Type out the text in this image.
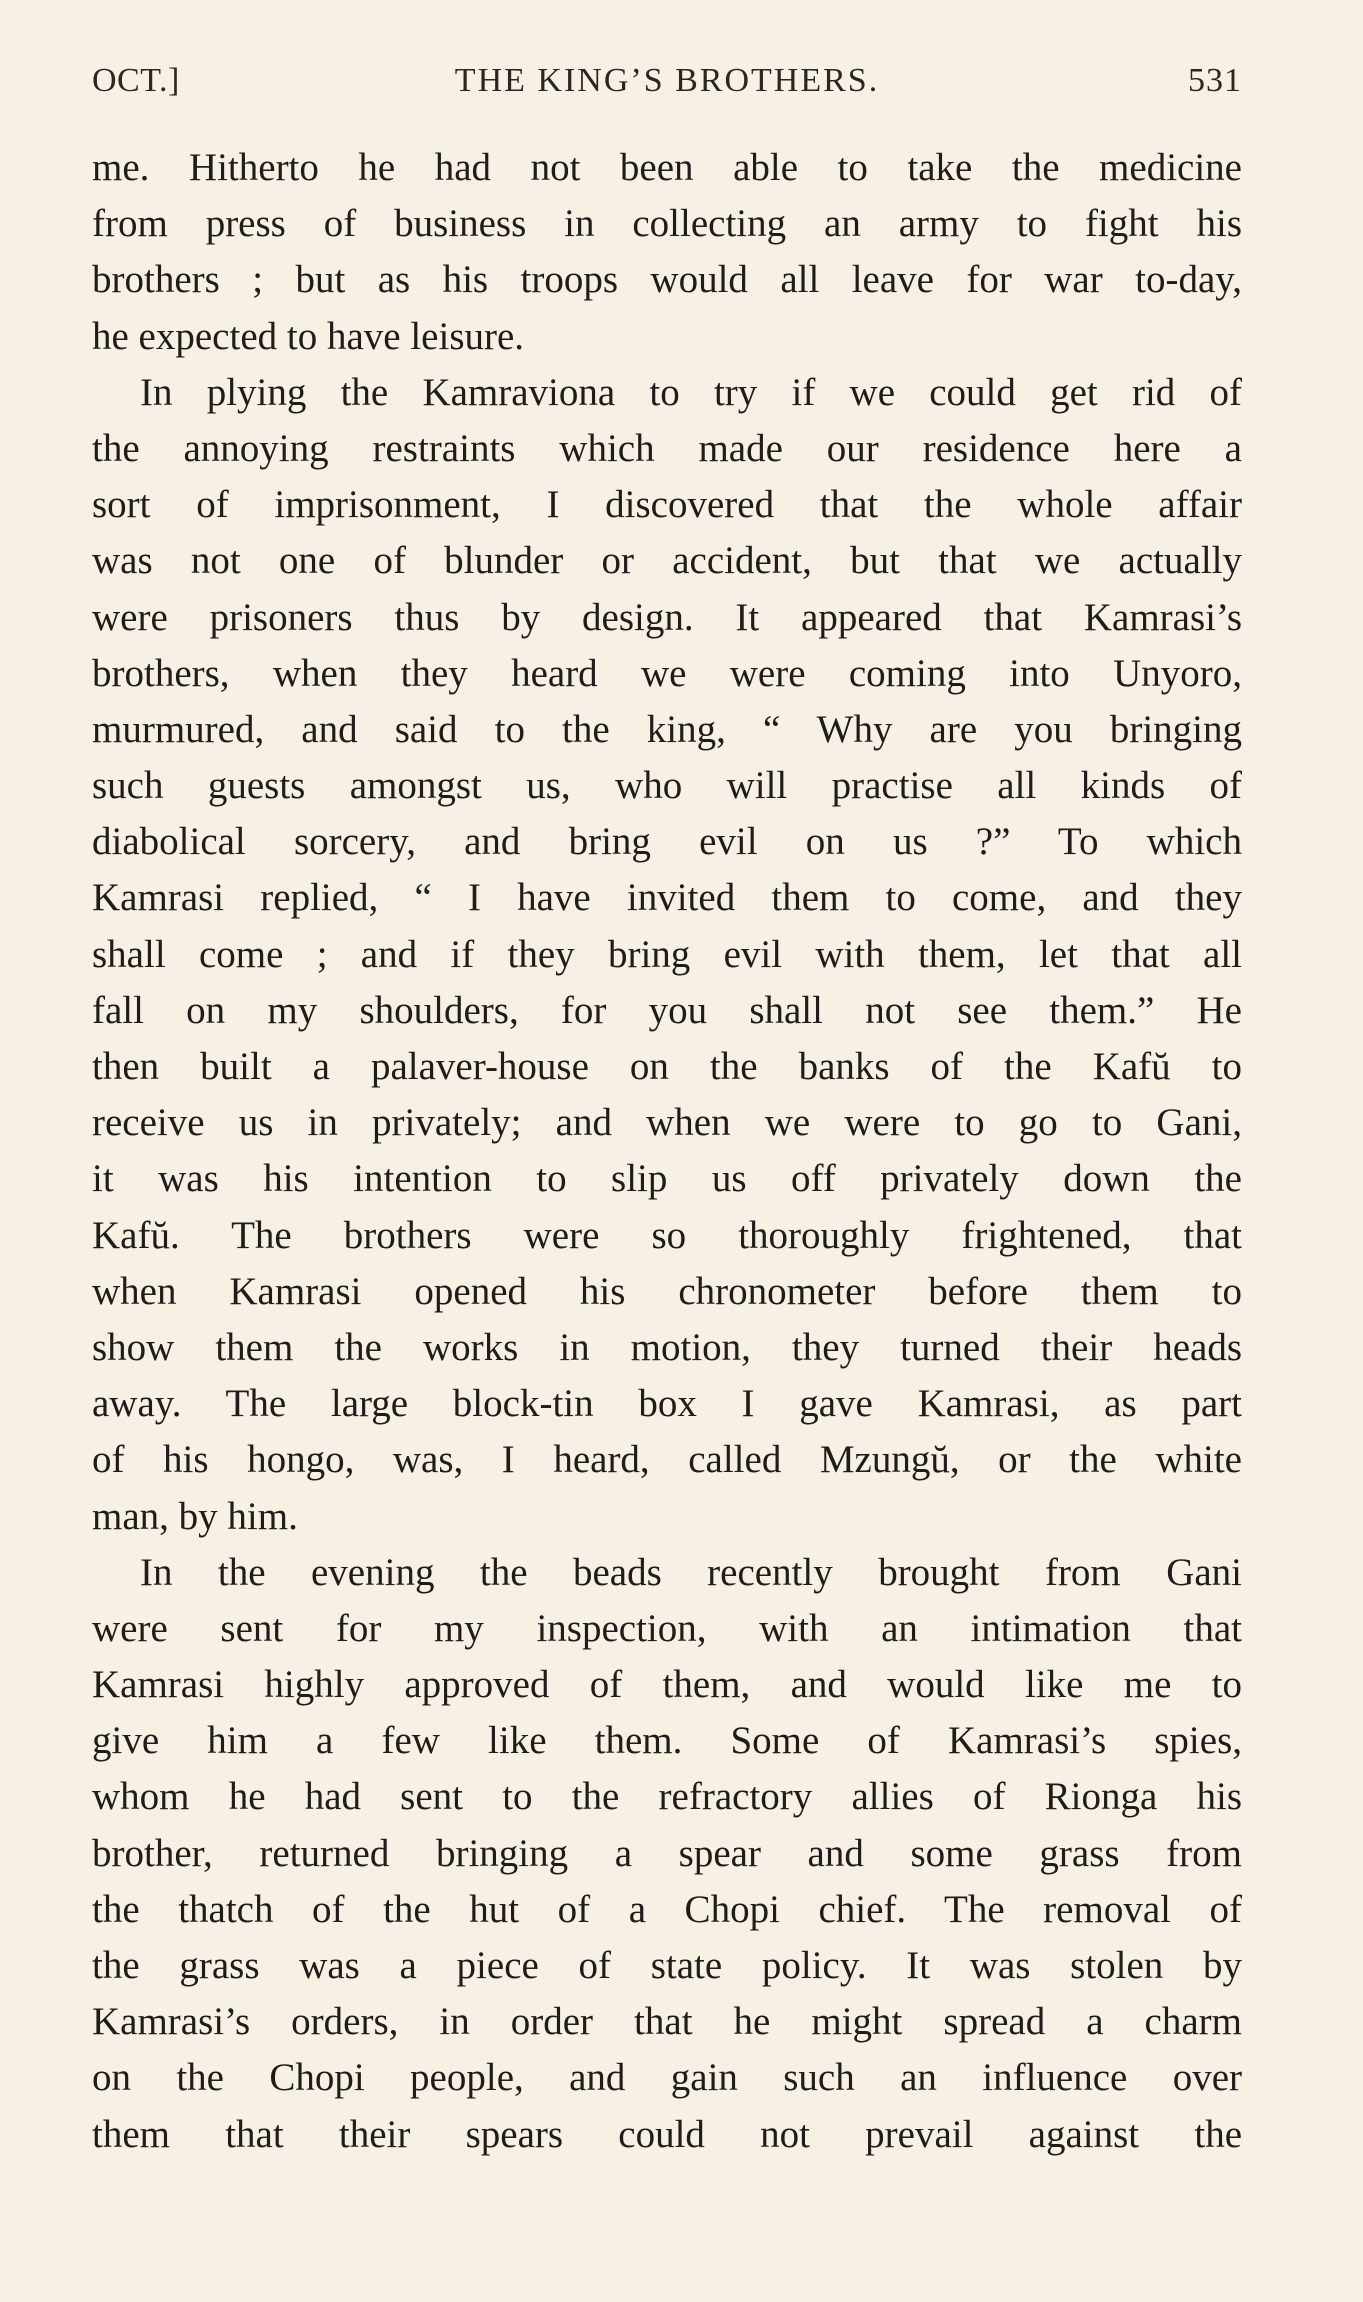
OCT.]	THE KING’S BROTHERS.	531
me. Hitherto he had not been able to take the medicine
from press of business in collecting an army to fight his
brothers ; but as his troops would all leave for war to-day,
he expected to have leisure.
In plying the Kamraviona to try if we could get rid of
the annoying restraints which made our residence here a
sort of imprisonment, I discovered that the whole affair
was not one of blunder or accident, but that we actually
were prisoners thus by design. It appeared that Kamrasi’s
brothers, when they heard we were coming into Unyoro,
murmured, and said to the king, “ Why are you bringing
such guests amongst us, who will practise all kinds of
diabolical sorcery, and bring evil on us ?” To which
Kamrasi replied, “ I have invited them to come, and they
shall come ; and if they bring evil with them, let that all
fall on my shoulders, for you shall not see them.” He
then built a palaver-house on the banks of the Kafŭ to
receive us in privately; and when we were to go to Gani,
it was his intention to slip us off privately down the
Kafŭ. The brothers were so thoroughly frightened, that
when Kamrasi opened his chronometer before them to
show them the works in motion, they turned their heads
away. The large block-tin box I gave Kamrasi, as part
of his hongo, was, I heard, called Mzungŭ, or the white
man, by him.
In the evening the beads recently brought from Gani
were sent for my inspection, with an intimation that
Kamrasi highly approved of them, and would like me to
give him a few like them. Some of Kamrasi’s spies,
whom he had sent to the refractory allies of Rionga his
brother, returned bringing a spear and some grass from
the thatch of the hut of a Chopi chief. The removal of
the grass was a piece of state policy. It was stolen by
Kamrasi’s orders, in order that he might spread a charm
on the Chopi people, and gain such an influence over
them that their spears could not prevail against the
